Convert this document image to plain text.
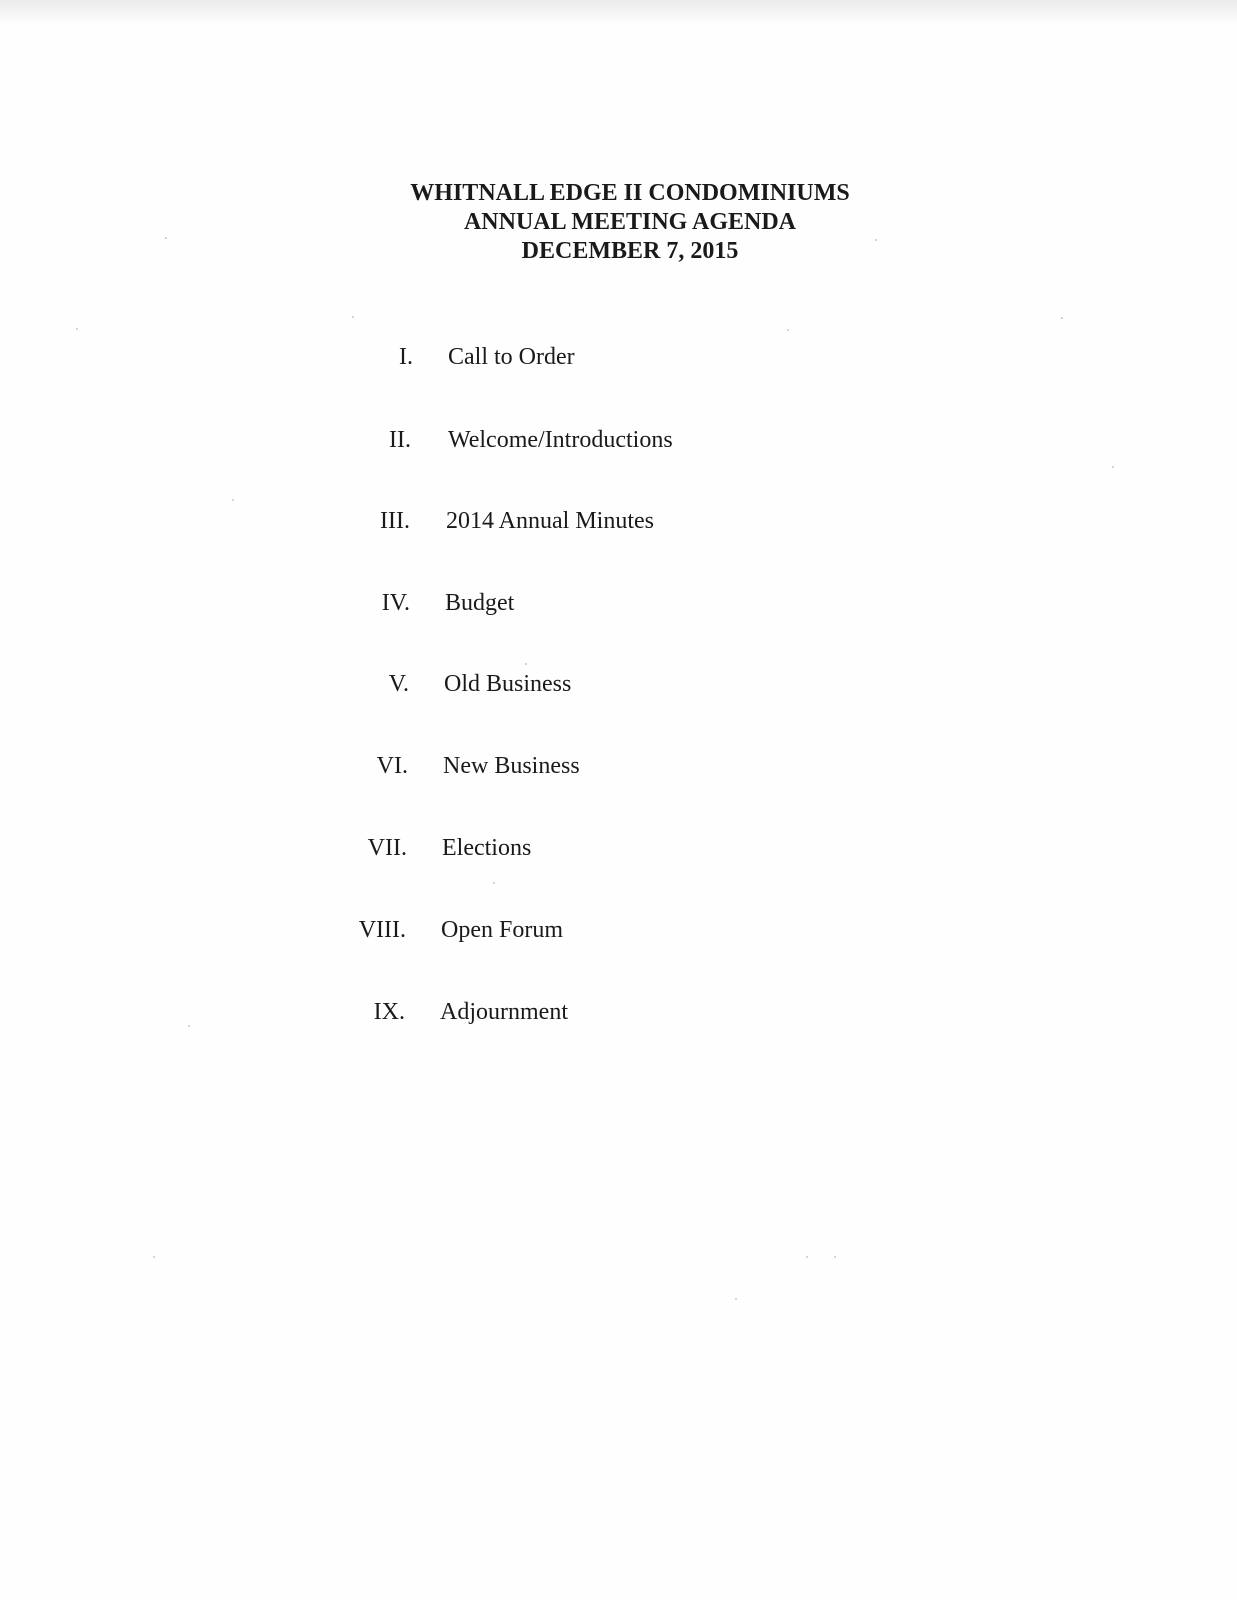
WHITNALL EDGE II CONDOMINIUMS
ANNUAL MEETING AGENDA
DECEMBER 7, 2015
I. Call to Order
II. Welcome/Introductions
III. 2014 Annual Minutes
IV. Budget
V. Old Business
VI. New Business
VII. Elections
VIII. Open Forum
IX. Adjournment
